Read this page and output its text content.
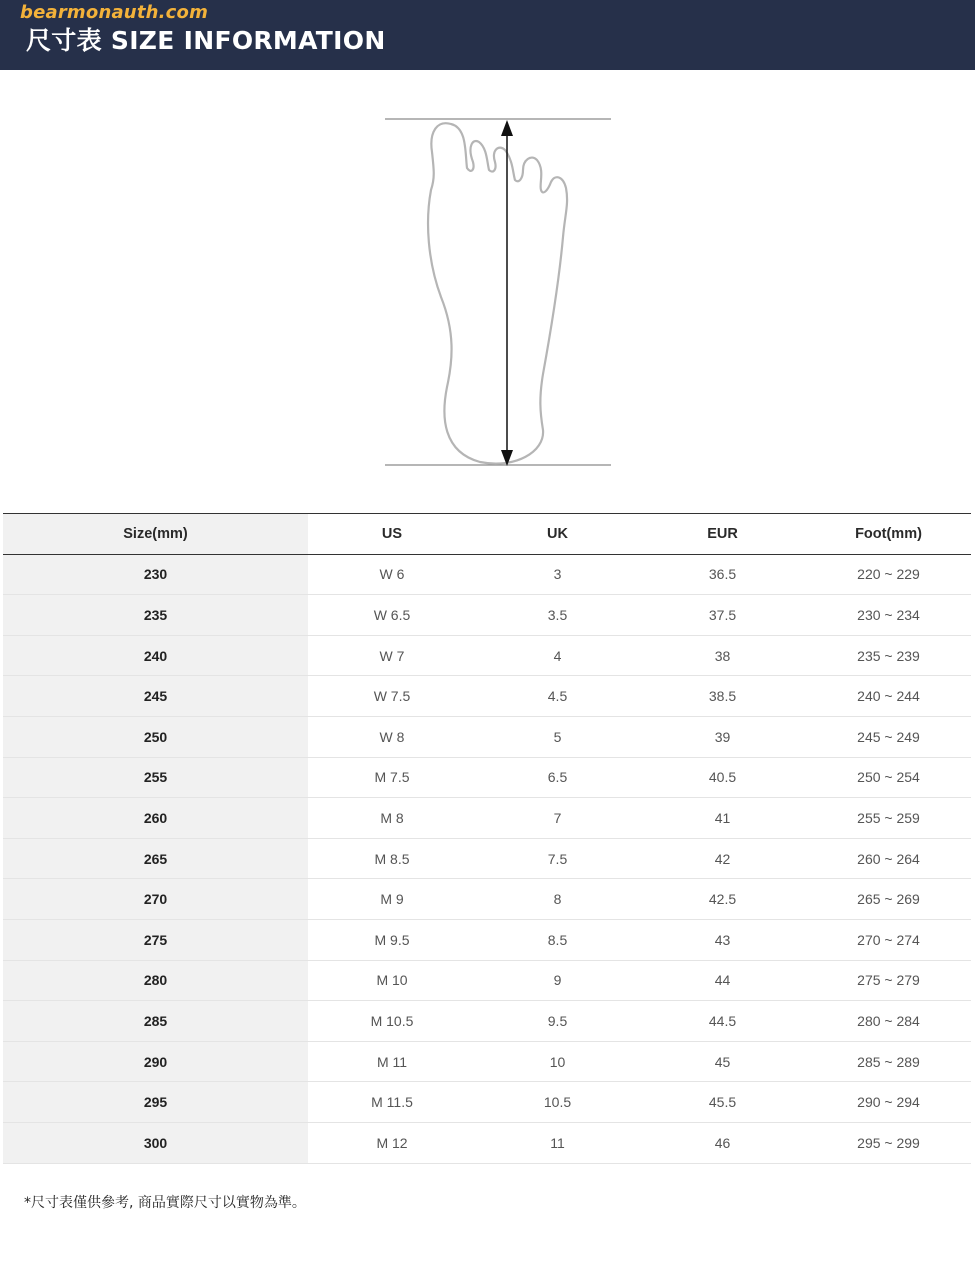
bearmonauth.com
尺寸表 SIZE INFORMATION
Size(mm)	US	UK	EUR	Foot(mm)
230	W 6	3	36.5	220 ~ 229
235	W 6.5	3.5	37.5	230 ~ 234
240	W 7	4	38	235 ~ 239
245	W 7.5	4.5	38.5	240 ~ 244
250	W 8	5	39	245 ~ 249
255	M 7.5	6.5	40.5	250 ~ 254
260	M 8	7	41	255 ~ 259
265	M 8.5	7.5	42	260 ~ 264
270	M 9	8	42.5	265 ~ 269
275	M 9.5	8.5	43	270 ~ 274
280	M 10	9	44	275 ~ 279
285	M 10.5	9.5	44.5	280 ~ 284
290	M 11	10	45	285 ~ 289
295	M 11.5	10.5	45.5	290 ~ 294
300	M 12	11	46	295 ~ 299
*尺寸表僅供參考, 商品實際尺寸以實物為準。
